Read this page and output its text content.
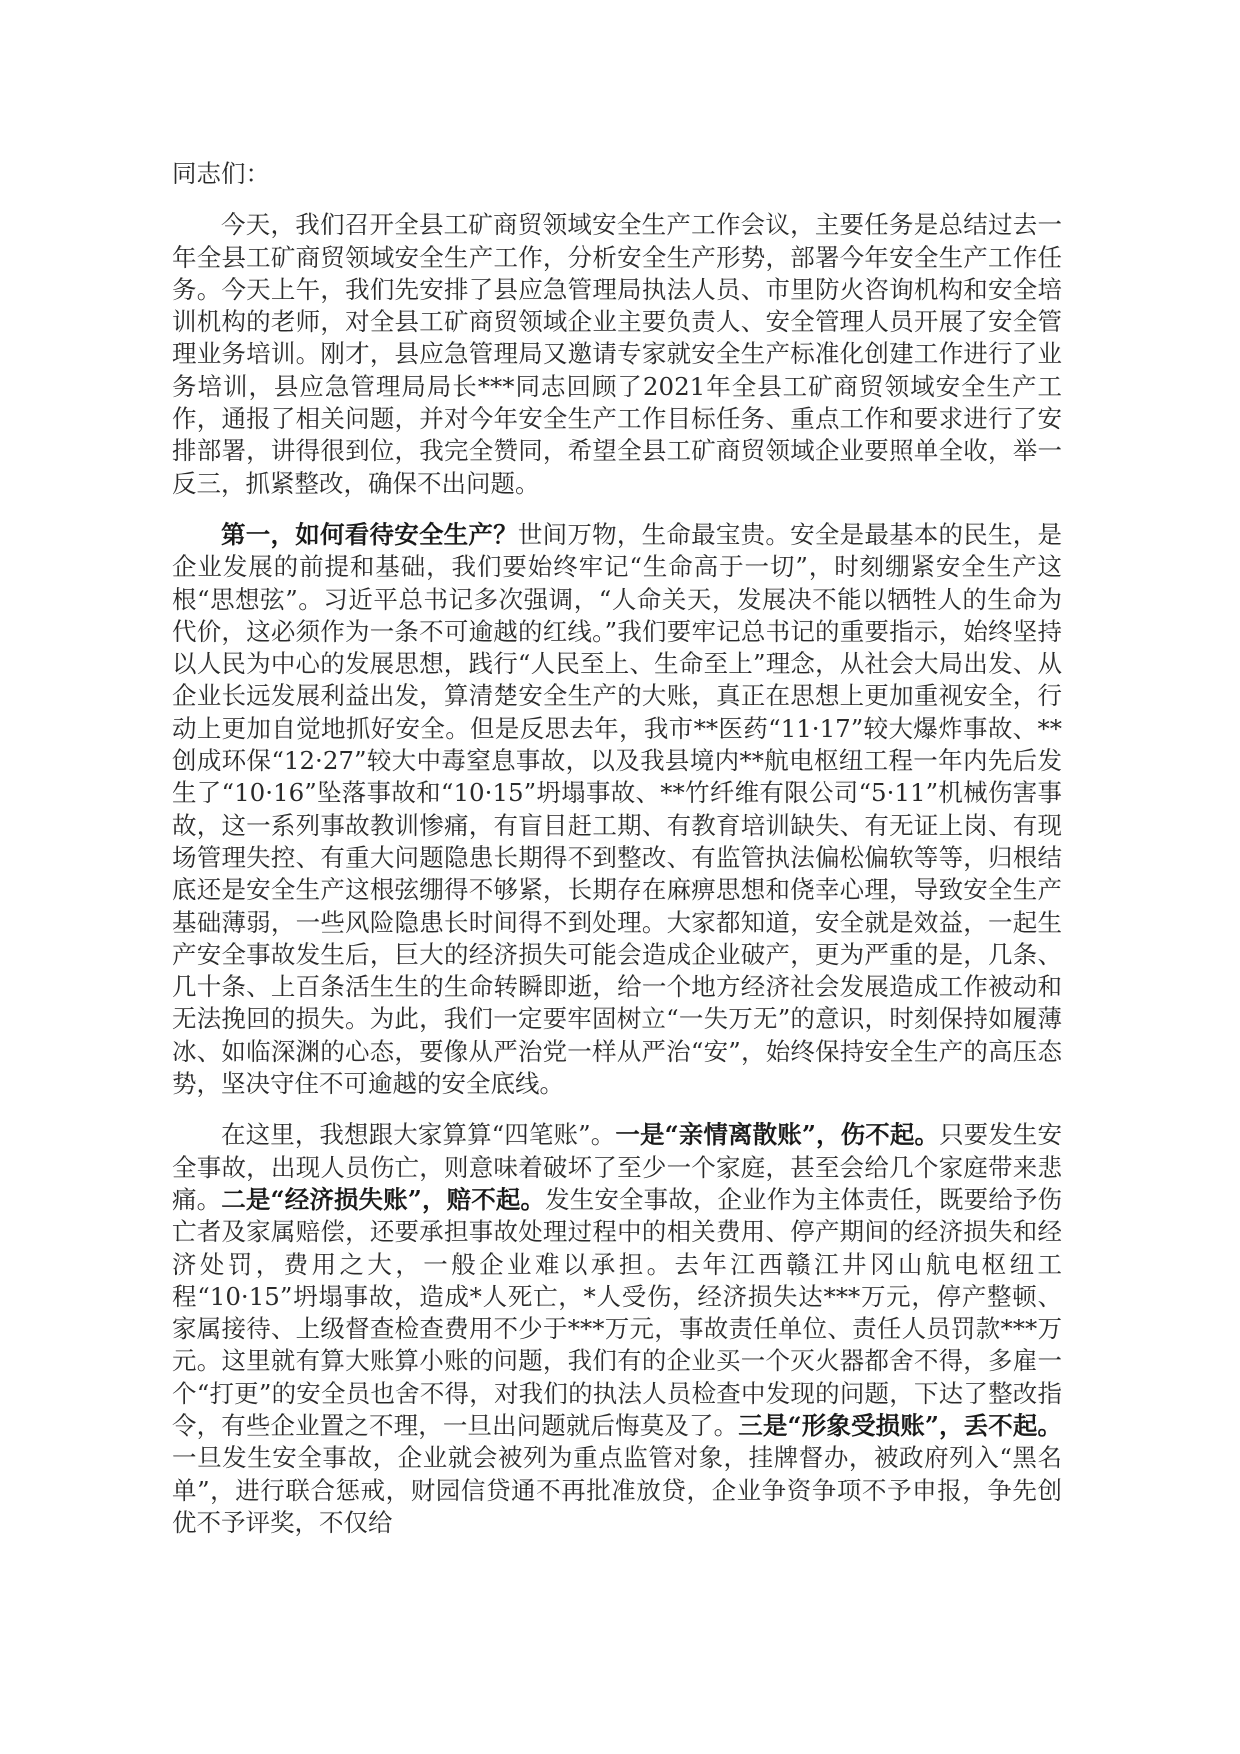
同志们：

今天，我们召开全县工矿商贸领域安全生产工作会议，主要任务是总结过去一年全县工矿商贸领域安全生产工作，分析安全生产形势，部署今年安全生产工作任务。今天上午，我们先安排了县应急管理局执法人员、市里防火咨询机构和安全培训机构的老师，对全县工矿商贸领域企业主要负责人、安全管理人员开展了安全管理业务培训。刚才，县应急管理局又邀请专家就安全生产标准化创建工作进行了业务培训，县应急管理局局长***同志回顾了2021年全县工矿商贸领域安全生产工作，通报了相关问题，并对今年安全生产工作目标任务、重点工作和要求进行了安排部署，讲得很到位，我完全赞同，希望全县工矿商贸领域企业要照单全收，举一反三，抓紧整改，确保不出问题。

第一，如何看待安全生产？世间万物，生命最宝贵。安全是最基本的民生，是企业发展的前提和基础，我们要始终牢记“生命高于一切”，时刻绷紧安全生产这根“思想弦”。习近平总书记多次强调，“人命关天，发展决不能以牺牲人的生命为代价，这必须作为一条不可逾越的红线。”我们要牢记总书记的重要指示，始终坚持以人民为中心的发展思想，践行“人民至上、生命至上”理念，从社会大局出发、从企业长远发展利益出发，算清楚安全生产的大账，真正在思想上更加重视安全，行动上更加自觉地抓好安全。但是反思去年，我市**医药“11·17”较大爆炸事故、**创成环保“12·27”较大中毒窒息事故，以及我县境内**航电枢纽工程一年内先后发生了“10·16”坠落事故和“10·15”坍塌事故、**竹纤维有限公司“5·11”机械伤害事故，这一系列事故教训惨痛，有盲目赶工期、有教育培训缺失、有无证上岗、有现场管理失控、有重大问题隐患长期得不到整改、有监管执法偏松偏软等等，归根结底还是安全生产这根弦绷得不够紧，长期存在麻痹思想和侥幸心理，导致安全生产基础薄弱，一些风险隐患长时间得不到处理。大家都知道，安全就是效益，一起生产安全事故发生后，巨大的经济损失可能会造成企业破产，更为严重的是，几条、几十条、上百条活生生的生命转瞬即逝，给一个地方经济社会发展造成工作被动和无法挽回的损失。为此，我们一定要牢固树立“一失万无”的意识，时刻保持如履薄冰、如临深渊的心态，要像从严治党一样从严治“安”，始终保持安全生产的高压态势，坚决守住不可逾越的安全底线。

在这里，我想跟大家算算“四笔账”。一是“亲情离散账”，伤不起。只要发生安全事故，出现人员伤亡，则意味着破坏了至少一个家庭，甚至会给几个家庭带来悲痛。二是“经济损失账”，赔不起。发生安全事故，企业作为主体责任，既要给予伤亡者及家属赔偿，还要承担事故处理过程中的相关费用、停产期间的经济损失和经济处罚，费用之大，一般企业难以承担。去年江西赣江井冈山航电枢纽工程“10·15”坍塌事故，造成*人死亡，*人受伤，经济损失达***万元，停产整顿、家属接待、上级督查检查费用不少于***万元，事故责任单位、责任人员罚款***万元。这里就有算大账算小账的问题，我们有的企业买一个灭火器都舍不得，多雇一个“打更”的安全员也舍不得，对我们的执法人员检查中发现的问题，下达了整改指令，有些企业置之不理，一旦出问题就后悔莫及了。三是“形象受损账”，丢不起。一旦发生安全事故，企业就会被列为重点监管对象，挂牌督办，被政府列入“黑名单”，进行联合惩戒，财园信贷通不再批准放贷，企业争资争项不予申报，争先创优不予评奖，不仅给
